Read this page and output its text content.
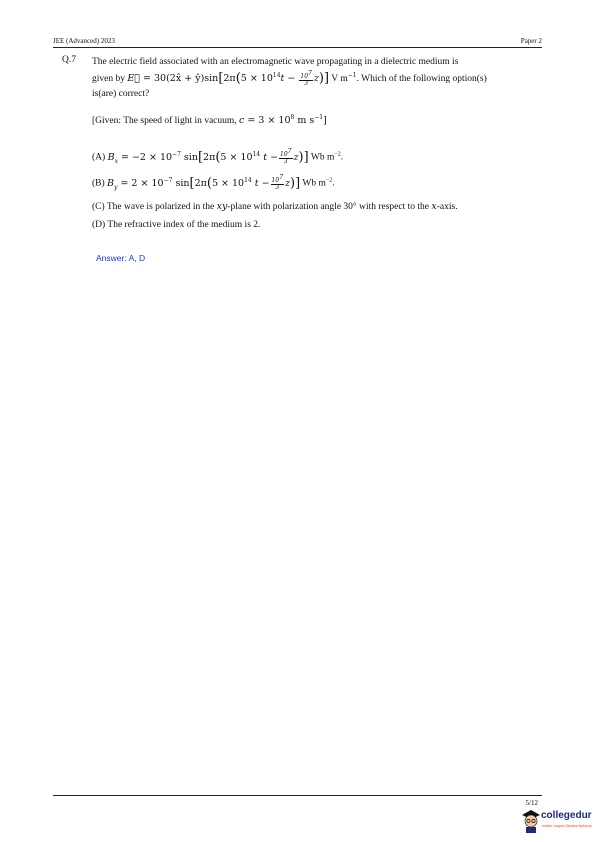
JEE (Advanced) 2023	Paper 2
Q.7 The electric field associated with an electromagnetic wave propagating in a dielectric medium is
given by E⃗ = 30(2x̂ + ŷ)sin[2π(5 × $10^{14}t - \frac{10^7}{3} z$)] V $m^{-1}$. Which of the following option(s)
is(are) correct?
[Given: The speed of light in vacuum, $c = 3 \times 10^8$ m $s^{-1}$]
(A) $B_x = -2 \times 10^{-7}$ $\sin[2\pi(5 \times 10^{14}$ $t - \frac{10^7}{3} z$)] Wb $m^{-2}$.
(B) $B_y = 2 \times 10^{-7}$ $\sin[2\pi(5 \times 10^{14}$ $t - \frac{10^7}{3} z$)] Wb $m^{-2}$.
(C) The wave is polarized in the xy-plane with polarization angle 30° with respect to the x-axis.
(D) The refractive index of the medium is 2.
Answer: A, D
5/12
collegedur
India's Largest Student Network
